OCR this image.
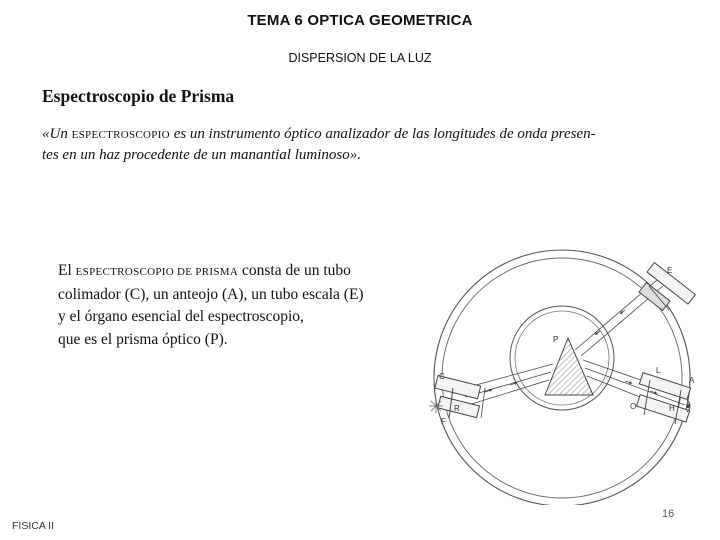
TEMA 6 OPTICA GEOMETRICA
DISPERSION DE LA LUZ
Espectroscopio de Prisma
«Un ESPECTROSCOPIO es un instrumento óptico analizador de las longitudes de onda presen-
tes en un haz procedente de un manantial luminoso».
El ESPECTROSCOPIO DE PRISMA consta de un tubo
colimador (C), un anteojo (A), un tubo escala (E)
y el órgano esencial del espectroscopio,
que es el prisma óptico (P).
E
P
C
L
A
R
F
O	H
FISICA II
16
